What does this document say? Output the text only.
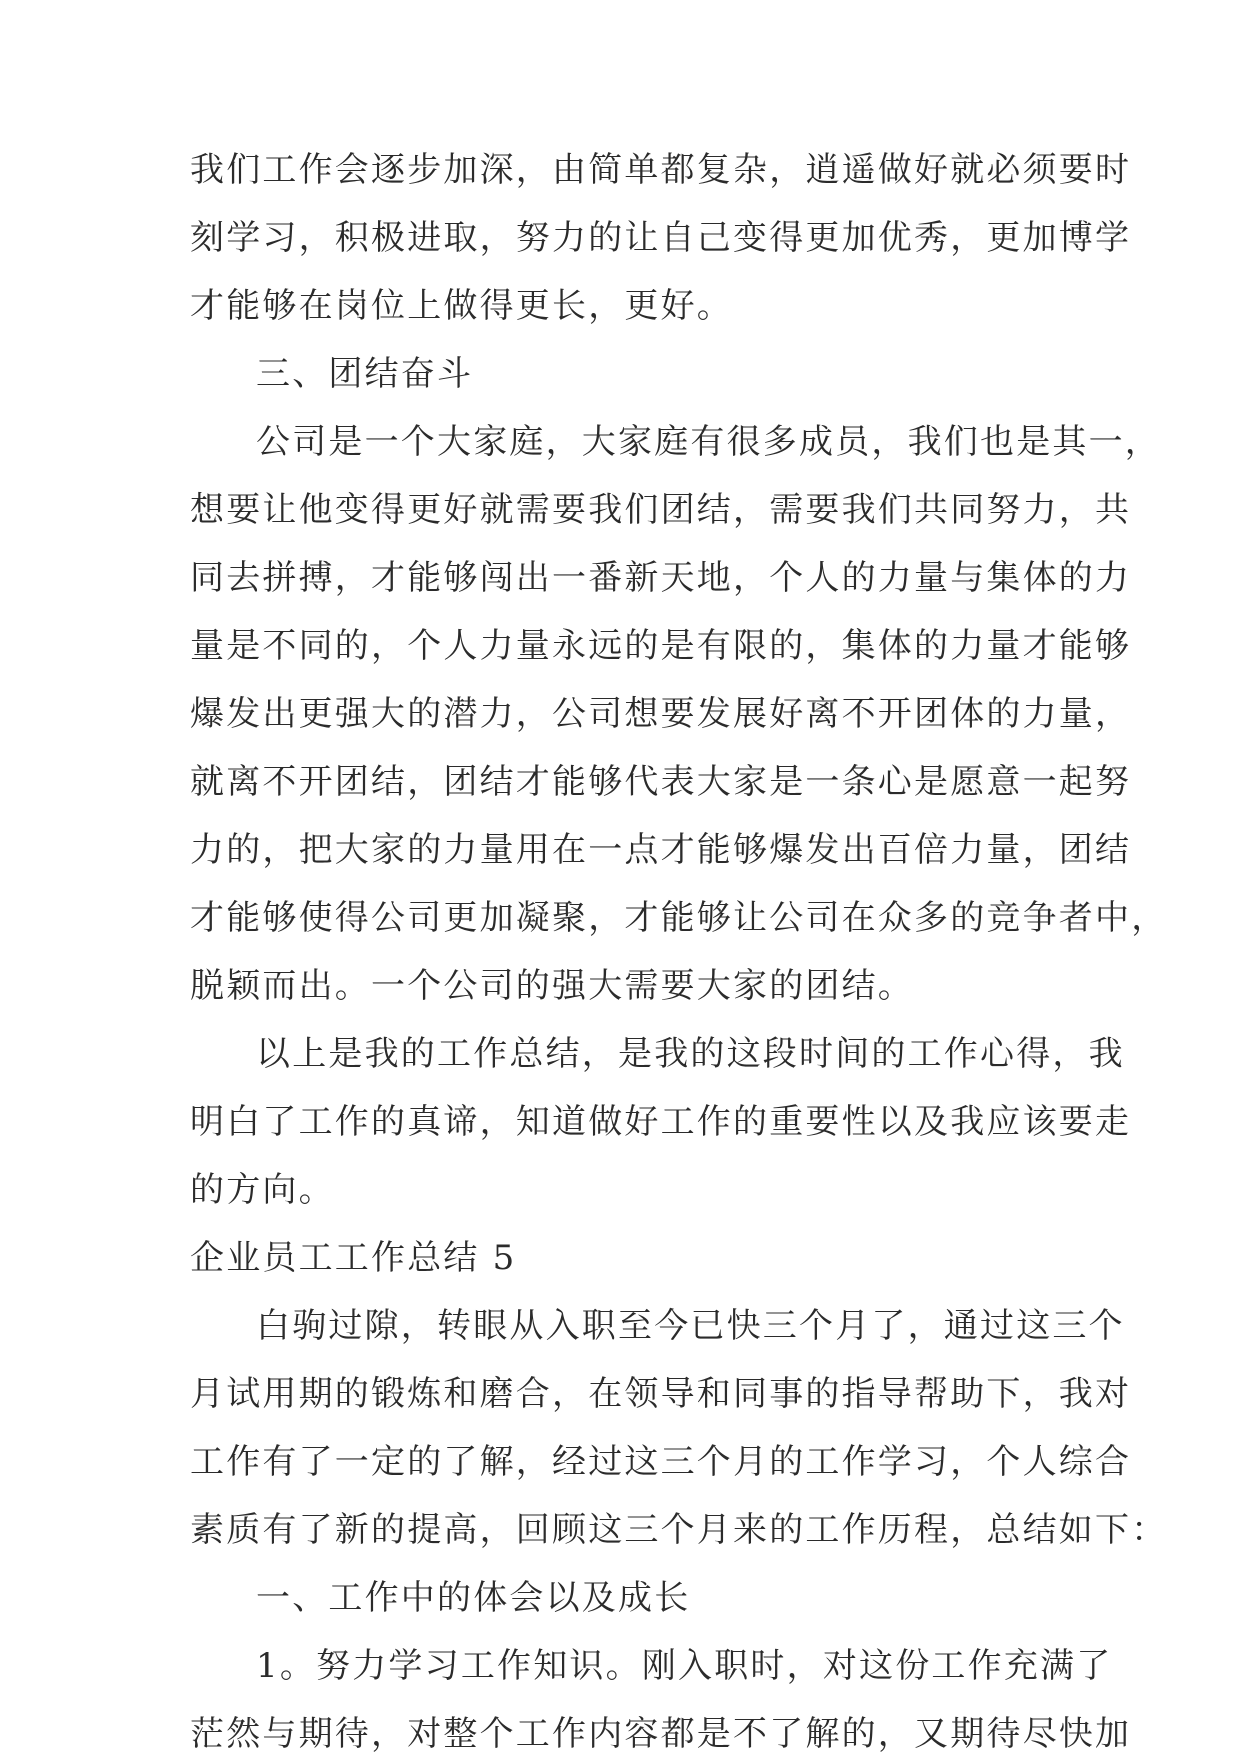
我们工作会逐步加深，由简单都复杂，逍遥做好就必须要时
刻学习，积极进取，努力的让自己变得更加优秀，更加博学
才能够在岗位上做得更长，更好。
三、团结奋斗
公司是一个大家庭，大家庭有很多成员，我们也是其一，
想要让他变得更好就需要我们团结，需要我们共同努力，共
同去拼搏，才能够闯出一番新天地，个人的力量与集体的力
量是不同的，个人力量永远的是有限的，集体的力量才能够
爆发出更强大的潜力，公司想要发展好离不开团体的力量，
就离不开团结，团结才能够代表大家是一条心是愿意一起努
力的，把大家的力量用在一点才能够爆发出百倍力量，团结
才能够使得公司更加凝聚，才能够让公司在众多的竞争者中，
脱颖而出。一个公司的强大需要大家的团结。
以上是我的工作总结，是我的这段时间的工作心得，我
明白了工作的真谛，知道做好工作的重要性以及我应该要走
的方向。
企业员工工作总结 5
白驹过隙，转眼从入职至今已快三个月了，通过这三个
月试用期的锻炼和磨合，在领导和同事的指导帮助下，我对
工作有了一定的了解，经过这三个月的工作学习，个人综合
素质有了新的提高，回顾这三个月来的工作历程，总结如下：
一、工作中的体会以及成长
1。努力学习工作知识。刚入职时，对这份工作充满了
茫然与期待，对整个工作内容都是不了解的，又期待尽快加
